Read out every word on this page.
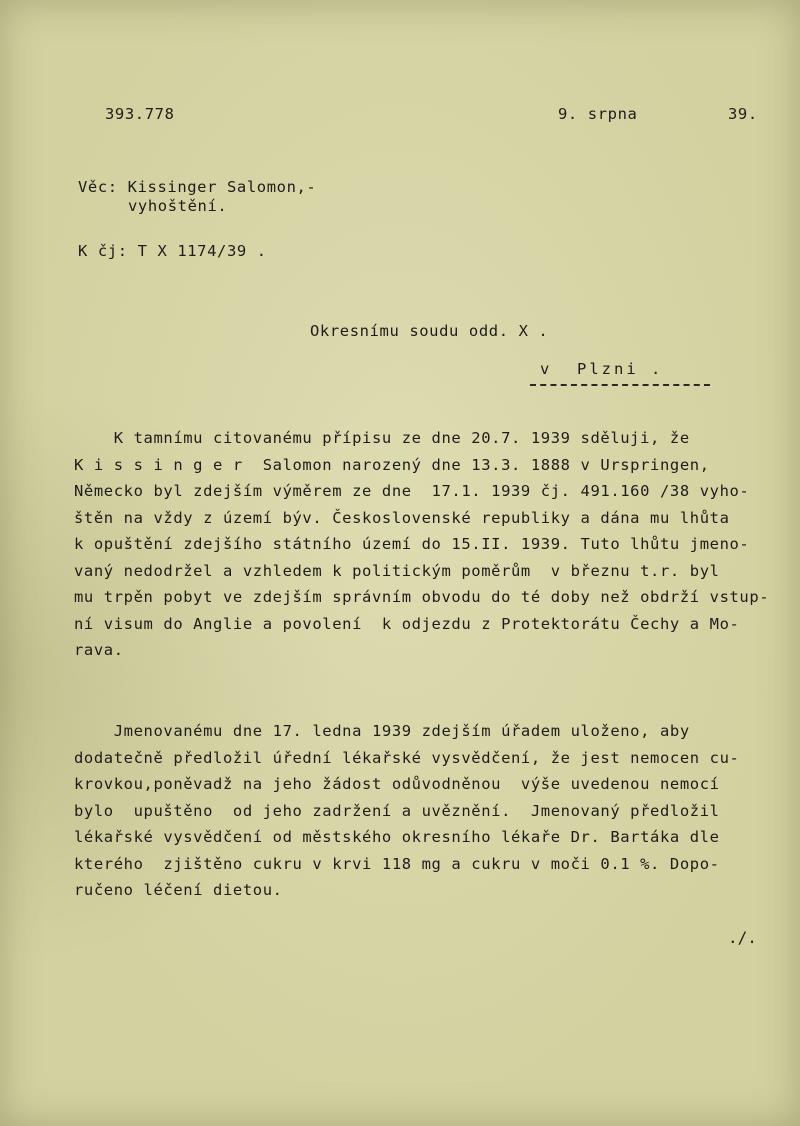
393.778	9. srpna	39.
Věc: Kissinger Salomon,-
vyhoštění.
K čj: T X 1174/39 .
Okresnímu soudu odd. X .
v  Plzni .
K tamnímu citovanému přípisu ze dne 20.7. 1939 sděluji, že
K i s s i n g e r  Salomon narozený dne 13.3. 1888 v Urspringen,
Německo byl zdejším výměrem ze dne  17.1. 1939 čj. 491.160 /38 vyho-
štěn na vždy z území býv. Československé republiky a dána mu lhůta
k opuštění zdejšího státního území do 15.II. 1939. Tuto lhůtu jmeno-
vaný nedodržel a vzhledem k politickým poměrům  v březnu t.r. byl
mu trpěn pobyt ve zdejším správním obvodu do té doby než obdrží vstup-
ní visum do Anglie a povolení  k odjezdu z Protektorátu Čechy a Mo-
rava.
Jmenovanému dne 17. ledna 1939 zdejším úřadem uloženo, aby
dodatečně předložil úřední lékařské vysvědčení, že jest nemocen cu-
krovkou,poněvadž na jeho žádost odůvodněnou  výše uvedenou nemocí
bylo  upuštěno  od jeho zadržení a uvěznění.  Jmenovaný předložil
lékařské vysvědčení od městského okresního lékaře Dr. Bartáka dle
kterého  zjištěno cukru v krvi 118 mg a cukru v moči 0.1 %. Dopo-
ručeno léčení dietou.
./.
